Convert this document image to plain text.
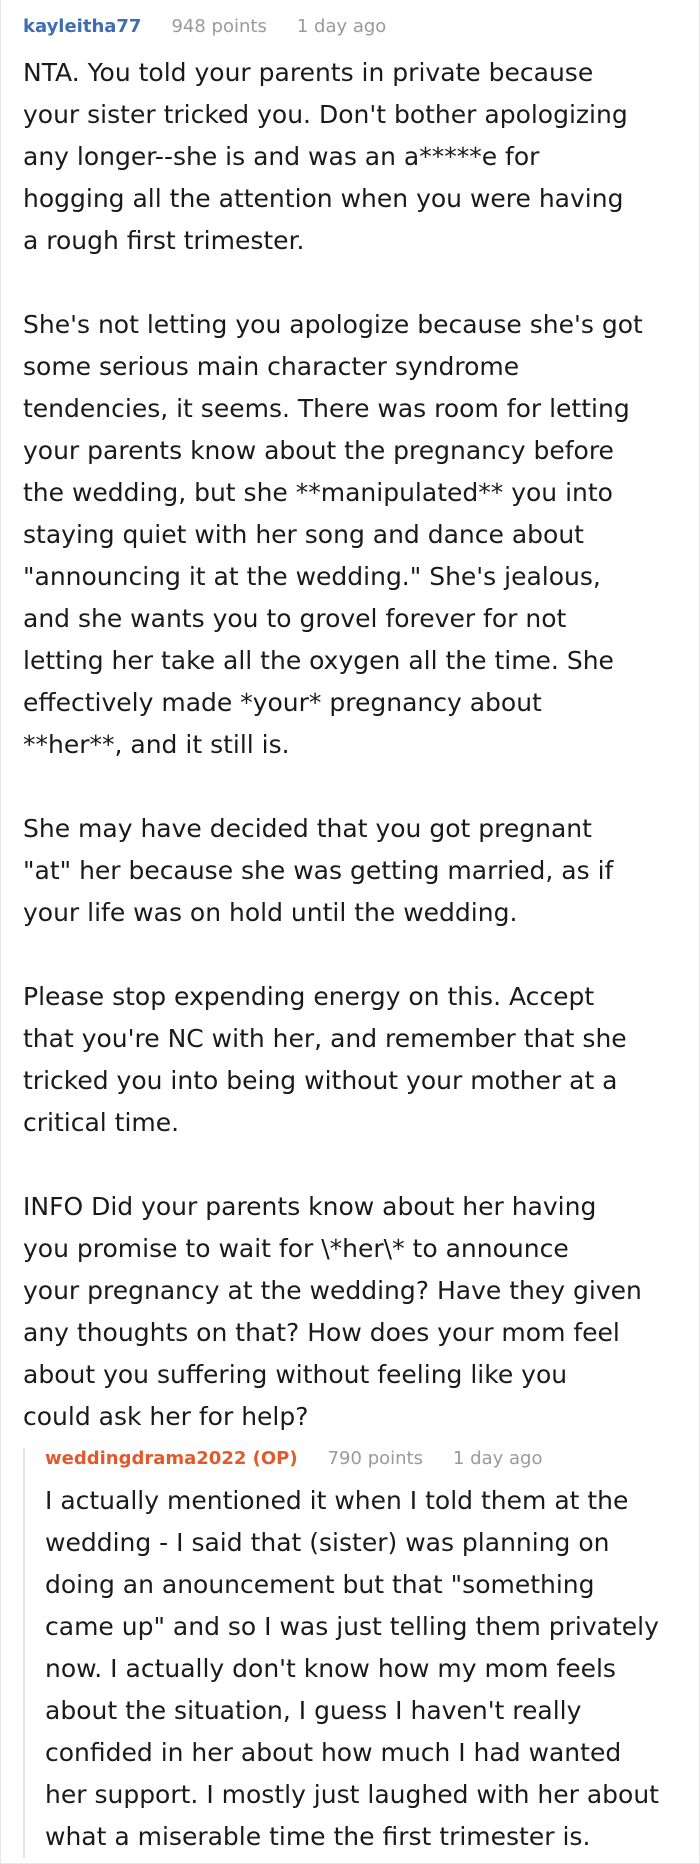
kayleitha77 948 points 1 day ago

NTA. You told your parents in private because
your sister tricked you. Don't bother apologizing
any longer--she is and was an a*****e for
hogging all the attention when you were having
a rough first trimester.

She's not letting you apologize because she's got
some serious main character syndrome
tendencies, it seems. There was room for letting
your parents know about the pregnancy before
the wedding, but she **manipulated** you into
staying quiet with her song and dance about
"announcing it at the wedding." She's jealous,
and she wants you to grovel forever for not
letting her take all the oxygen all the time. She
effectively made *your* pregnancy about
**her**, and it still is.

She may have decided that you got pregnant
"at" her because she was getting married, as if
your life was on hold until the wedding.

Please stop expending energy on this. Accept
that you're NC with her, and remember that she
tricked you into being without your mother at a
critical time.

INFO Did your parents know about her having
you promise to wait for \*her\* to announce
your pregnancy at the wedding? Have they given
any thoughts on that? How does your mom feel
about you suffering without feeling like you
could ask her for help?

weddingdrama2022 (OP) 790 points 1 day ago

I actually mentioned it when I told them at the
wedding - I said that (sister) was planning on
doing an anouncement but that "something
came up" and so I was just telling them privately
now. I actually don't know how my mom feels
about the situation, I guess I haven't really
confided in her about how much I had wanted
her support. I mostly just laughed with her about
what a miserable time the first trimester is.
